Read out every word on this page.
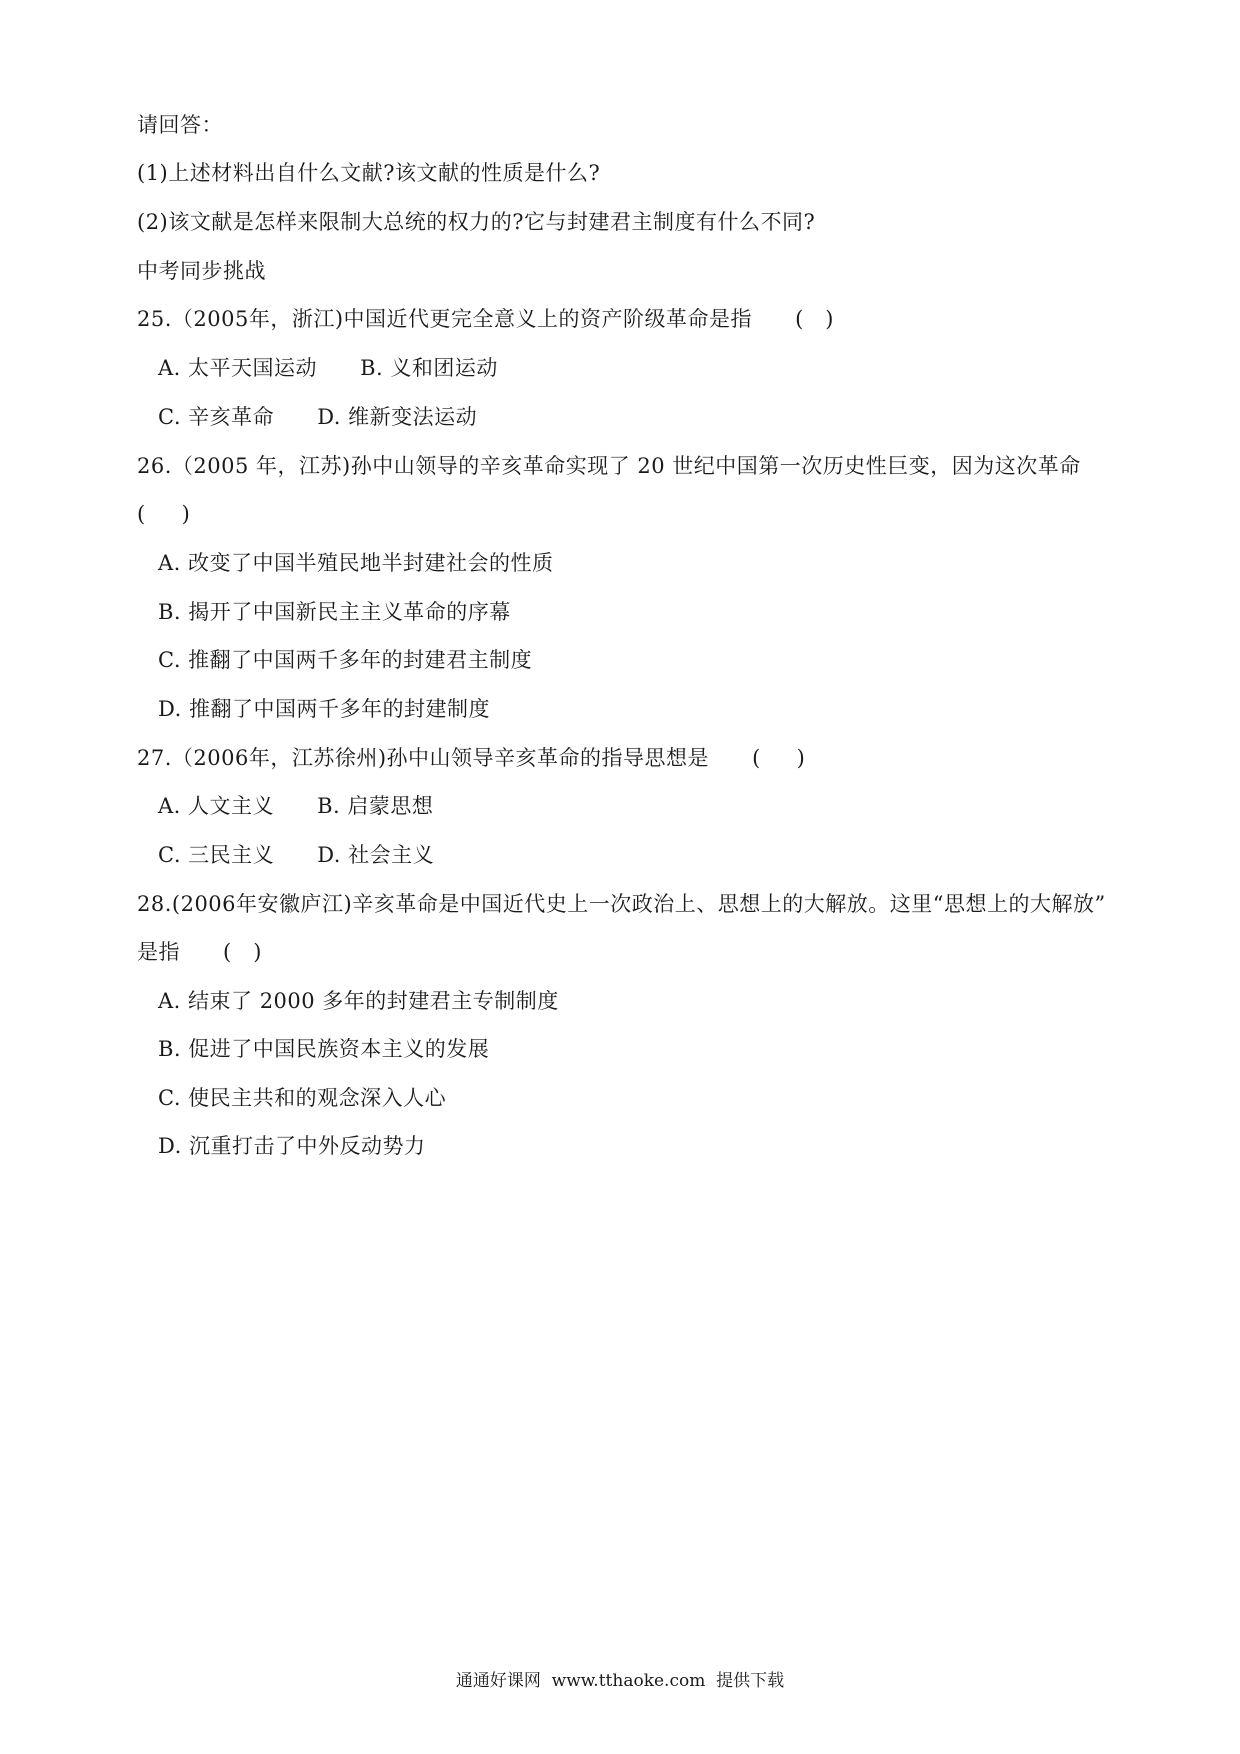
请回答：
(1)上述材料出自什么文献?该文献的性质是什么?
(2)该文献是怎样来限制大总统的权力的?它与封建君主制度有什么不同?
中考同步挑战
25.（2005年，浙江)中国近代更完全意义上的资产阶级革命是指      (   )
A. 太平天国运动      B. 义和团运动
C. 辛亥革命      D. 维新变法运动
26.（2005 年，江苏)孙中山领导的辛亥革命实现了 20 世纪中国第一次历史性巨变，因为这次革命
(     )
A. 改变了中国半殖民地半封建社会的性质
B. 揭开了中国新民主主义革命的序幕
C. 推翻了中国两千多年的封建君主制度
D. 推翻了中国两千多年的封建制度
27.（2006年，江苏徐州)孙中山领导辛亥革命的指导思想是      (     )
A. 人文主义      B. 启蒙思想
C. 三民主义      D. 社会主义
28.(2006年安徽庐江)辛亥革命是中国近代史上一次政治上、思想上的大解放。这里“思想上的大解放”
是指      (   )
A. 结束了 2000 多年的封建君主专制制度
B. 促进了中国民族资本主义的发展
C. 使民主共和的观念深入人心
D. 沉重打击了中外反动势力
通通好课网  www.tthaoke.com  提供下载
